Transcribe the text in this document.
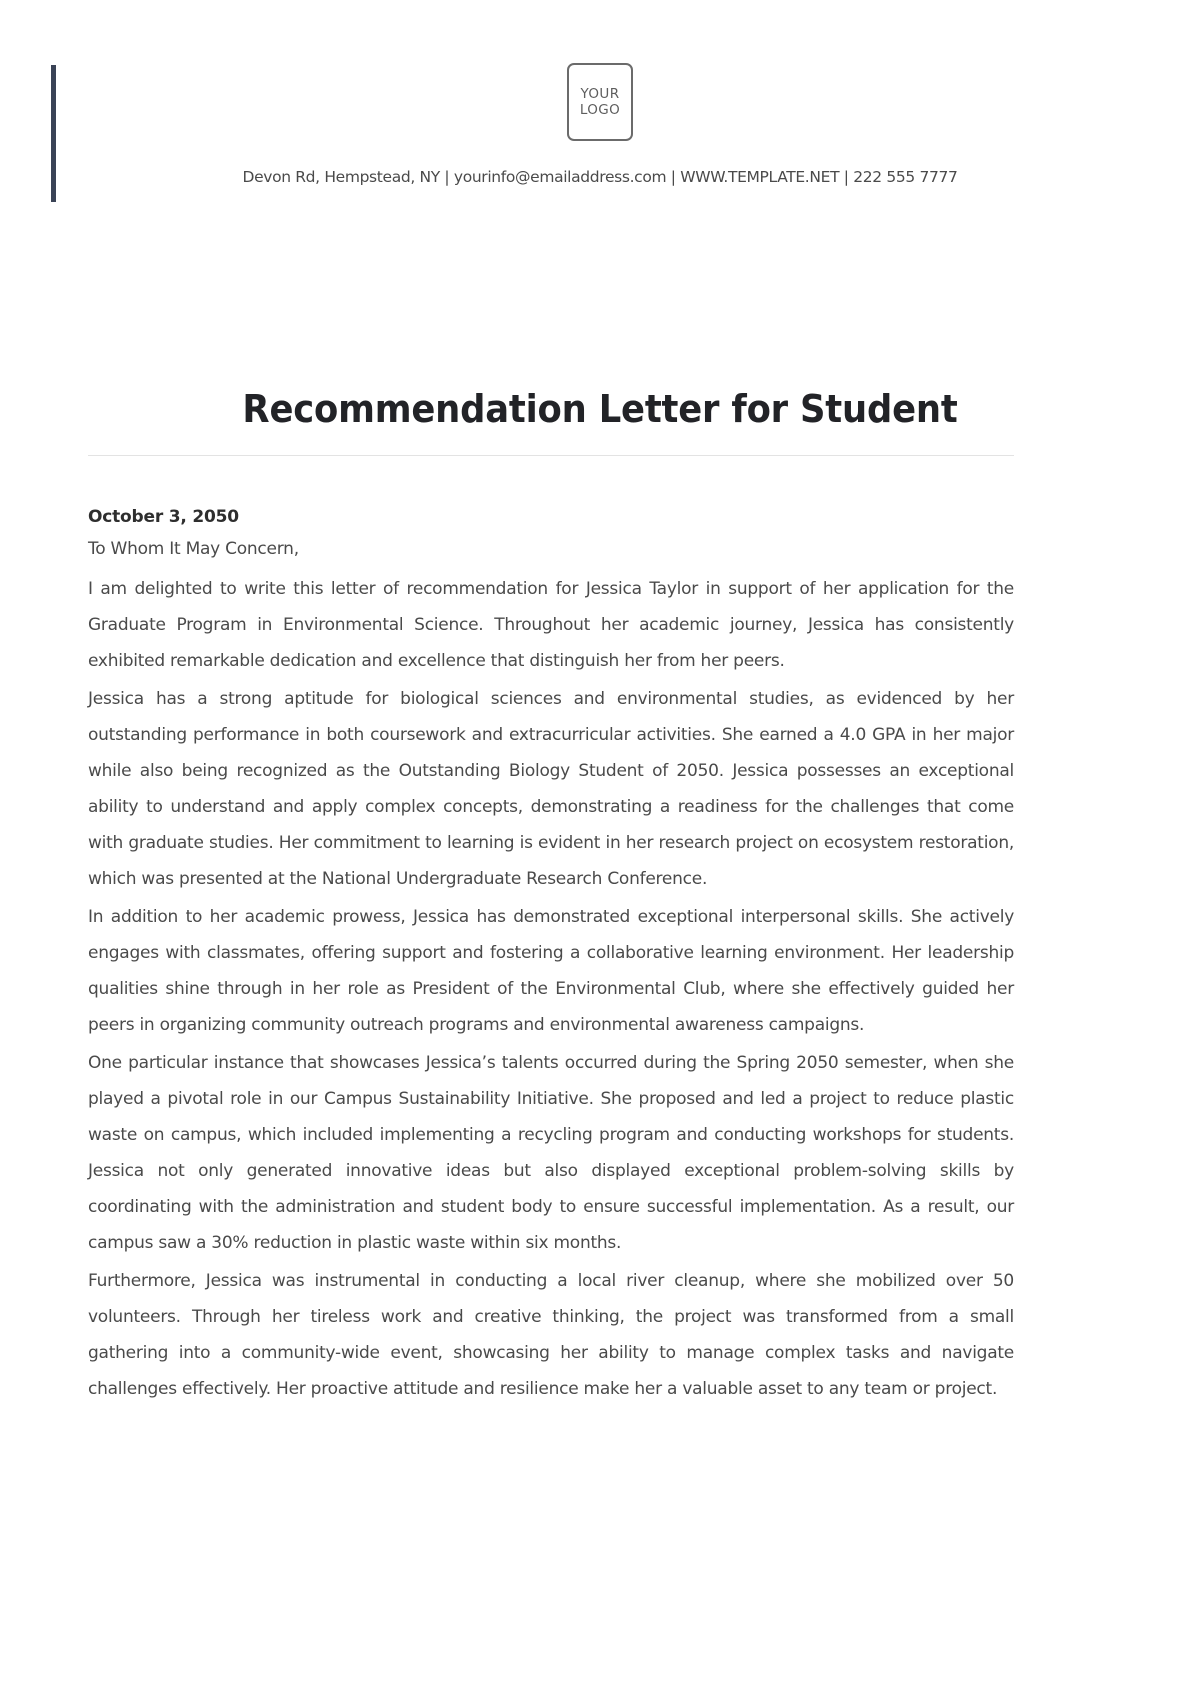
YOUR
LOGO
Devon Rd, Hempstead, NY | yourinfo@emailaddress.com | WWW.TEMPLATE.NET | 222 555 7777
Recommendation Letter for Student
October 3, 2050
To Whom It May Concern,

I am delighted to write this letter of recommendation for Jessica Taylor in support of her application for the Graduate Program in Environmental Science. Throughout her academic journey, Jessica has consistently exhibited remarkable dedication and excellence that distinguish her from her peers.

Jessica has a strong aptitude for biological sciences and environmental studies, as evidenced by her outstanding performance in both coursework and extracurricular activities. She earned a 4.0 GPA in her major while also being recognized as the Outstanding Biology Student of 2050. Jessica possesses an exceptional ability to understand and apply complex concepts, demonstrating a readiness for the challenges that come with graduate studies. Her commitment to learning is evident in her research project on ecosystem restoration, which was presented at the National Undergraduate Research Conference.

In addition to her academic prowess, Jessica has demonstrated exceptional interpersonal skills. She actively engages with classmates, offering support and fostering a collaborative learning environment. Her leadership qualities shine through in her role as President of the Environmental Club, where she effectively guided her peers in organizing community outreach programs and environmental awareness campaigns.

One particular instance that showcases Jessica’s talents occurred during the Spring 2050 semester, when she played a pivotal role in our Campus Sustainability Initiative. She proposed and led a project to reduce plastic waste on campus, which included implementing a recycling program and conducting workshops for students. Jessica not only generated innovative ideas but also displayed exceptional problem-solving skills by coordinating with the administration and student body to ensure successful implementation. As a result, our campus saw a 30% reduction in plastic waste within six months.

Furthermore, Jessica was instrumental in conducting a local river cleanup, where she mobilized over 50 volunteers. Through her tireless work and creative thinking, the project was transformed from a small gathering into a community-wide event, showcasing her ability to manage complex tasks and navigate challenges effectively. Her proactive attitude and resilience make her a valuable asset to any team or project.
